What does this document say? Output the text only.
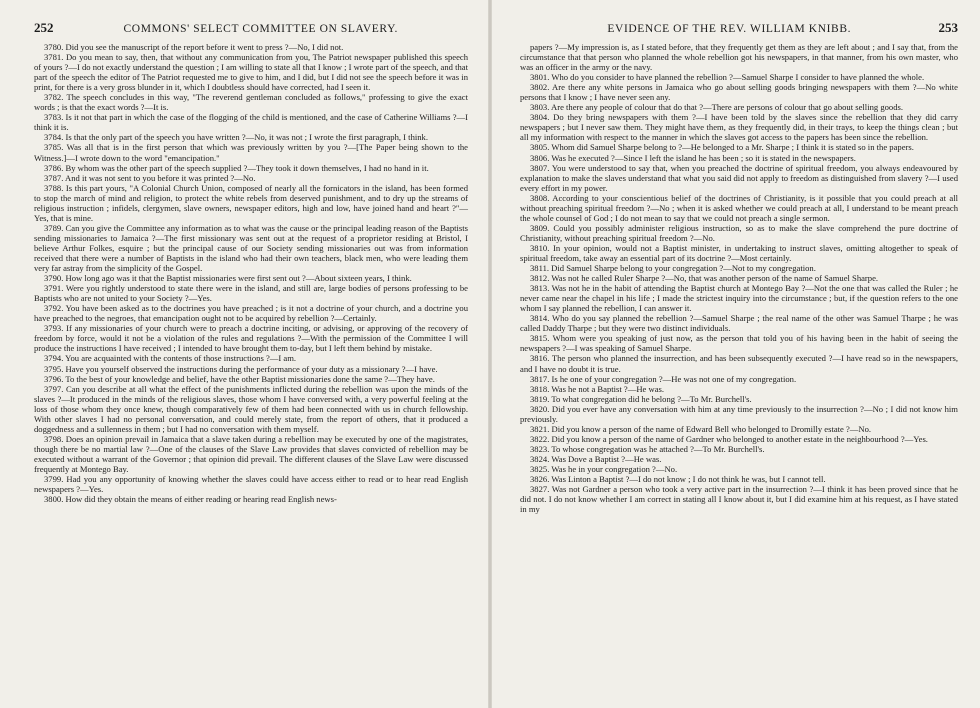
252	COMMONS' SELECT COMMITTEE ON SLAVERY.

3780. Did you see the manuscript of the report before it went to press ?—No, I did not.

3781. Do you mean to say, then, that without any communication from you, The Patriot newspaper published this speech of yours ?—I do not exactly understand the question ; I am willing to state all that I know ; I wrote part of the speech, and that part of the speech the editor of The Patriot requested me to give to him, and I did, but I did not see the speech before it was in print, for there is a very gross blunder in it, which I doubtless should have corrected, had I seen it.

3782. The speech concludes in this way, "The reverend gentleman concluded as follows," professing to give the exact words ; is that the exact words ?—It is.

3783. Is it not that part in which the case of the flogging of the child is mentioned, and the case of Catherine Williams ?—I think it is.

3784. Is that the only part of the speech you have written ?—No, it was not ; I wrote the first paragraph, I think.

3785. Was all that is in the first person that which was previously written by you ?—[The Paper being shown to the Witness.]—I wrote down to the word "emancipation."

3786. By whom was the other part of the speech supplied ?—They took it down themselves, I had no hand in it.

3787. And it was not sent to you before it was printed ?—No.

3788. Is this part yours, "A Colonial Church Union, composed of nearly all the fornicators in the island, has been formed to stop the march of mind and religion, to protect the white rebels from deserved punishment, and to dry up the streams of religious instruction ; infidels, clergymen, slave owners, newspaper editors, high and low, have joined hand and heart ?"—Yes, that is mine.

3789. Can you give the Committee any information as to what was the cause or the principal leading reason of the Baptists sending missionaries to Jamaica ?—The first missionary was sent out at the request of a proprietor residing at Bristol, I believe Arthur Folkes, esquire ; but the principal cause of our Society sending missionaries out was from information received that there were a number of Baptists in the island who had their own teachers, black men, who were leading them very far astray from the simplicity of the Gospel.

3790. How long ago was it that the Baptist missionaries were first sent out ?—About sixteen years, I think.

3791. Were you rightly understood to state there were in the island, and still are, large bodies of persons professing to be Baptists who are not united to your Society ?—Yes.

3792. You have been asked as to the doctrines you have preached ; is it not a doctrine of your church, and a doctrine you have preached to the negroes, that emancipation ought not to be acquired by rebellion ?—Certainly.

3793. If any missionaries of your church were to preach a doctrine inciting, or advising, or approving of the recovery of freedom by force, would it not be a violation of the rules and regulations ?—With the permission of the Committee I will produce the instructions I have received ; I intended to have brought them to-day, but I left them behind by mistake.

3794. You are acquainted with the contents of those instructions ?—I am.

3795. Have you yourself observed the instructions during the performance of your duty as a missionary ?—I have.

3796. To the best of your knowledge and belief, have the other Baptist missionaries done the same ?—They have.

3797. Can you describe at all what the effect of the punishments inflicted during the rebellion was upon the minds of the slaves ?—It produced in the minds of the religious slaves, those whom I have conversed with, a very powerful feeling at the loss of those whom they once knew, though comparatively few of them had been connected with us in church fellowship. With other slaves I had no personal conversation, and could merely state, from the report of others, that it produced a doggedness and a sullenness in them ; but I had no conversation with them myself.

3798. Does an opinion prevail in Jamaica that a slave taken during a rebellion may be executed by one of the magistrates, though there be no martial law ?—One of the clauses of the Slave Law provides that slaves convicted of rebellion may be executed without a warrant of the Governor ; that opinion did prevail. The different clauses of the Slave Law were discussed frequently at Montego Bay.

3799. Had you any opportunity of knowing whether the slaves could have access either to read or to hear read English newspapers ?—Yes.

3800. How did they obtain the means of either reading or hearing read English news-

EVIDENCE OF THE REV. WILLIAM KNIBB.	253

papers ?—My impression is, as I stated before, that they frequently get them as they are left about ; and I say that, from the circumstance that that person who planned the whole rebellion got his newspapers, in that manner, from his own master, who was an officer in the army or the navy.

3801. Who do you consider to have planned the rebellion ?—Samuel Sharpe I consider to have planned the whole.

3802. Are there any white persons in Jamaica who go about selling goods bringing newspapers with them ?—No white persons that I know ; I have never seen any.

3803. Are there any people of colour that do that ?—There are persons of colour that go about selling goods.

3804. Do they bring newspapers with them ?—I have been told by the slaves since the rebellion that they did carry newspapers ; but I never saw them. They might have them, as they frequently did, in their trays, to keep the things clean ; but all my information with respect to the manner in which the slaves got access to the papers has been since the rebellion.

3805. Whom did Samuel Sharpe belong to ?—He belonged to a Mr. Sharpe ; I think it is stated so in the papers.

3806. Was he executed ?—Since I left the island he has been ; so it is stated in the newspapers.

3807. You were understood to say that, when you preached the doctrine of spiritual freedom, you always endeavoured by explanation to make the slaves understand that what you said did not apply to freedom as distinguished from slavery ?—I used every effort in my power.

3808. According to your conscientious belief of the doctrines of Christianity, is it possible that you could preach at all without preaching spiritual freedom ?—No ; when it is asked whether we could preach at all, I understand to be meant preach the whole counsel of God ; I do not mean to say that we could not preach a single sermon.

3809. Could you possibly administer religious instruction, so as to make the slave comprehend the pure doctrine of Christianity, without preaching spiritual freedom ?—No.

3810. In your opinion, would not a Baptist minister, in undertaking to instruct slaves, omitting altogether to speak of spiritual freedom, take away an essential part of its doctrine ?—Most certainly.

3811. Did Samuel Sharpe belong to your congregation ?—Not to my congregation.

3812. Was not he called Ruler Sharpe ?—No, that was another person of the name of Samuel Sharpe.

3813. Was not he in the habit of attending the Baptist church at Montego Bay ?—Not the one that was called the Ruler ; he never came near the chapel in his life ; I made the strictest inquiry into the circumstance ; but, if the question refers to the one whom I say planned the rebellion, I can answer it.

3814. Who do you say planned the rebellion ?—Samuel Sharpe ; the real name of the other was Samuel Tharpe ; he was called Daddy Tharpe ; but they were two distinct individuals.

3815. Whom were you speaking of just now, as the person that told you of his having been in the habit of seeing the newspapers ?—I was speaking of Samuel Sharpe.

3816. The person who planned the insurrection, and has been subsequently executed ?—I have read so in the newspapers, and I have no doubt it is true.

3817. Is he one of your congregation ?—He was not one of my congregation.

3818. Was he not a Baptist ?—He was.

3819. To what congregation did he belong ?—To Mr. Burchell's.

3820. Did you ever have any conversation with him at any time previously to the insurrection ?—No ; I did not know him previously.

3821. Did you know a person of the name of Edward Bell who belonged to Dromilly estate ?—No.

3822. Did you know a person of the name of Gardner who belonged to another estate in the neighbourhood ?—Yes.

3823. To whose congregation was he attached ?—To Mr. Burchell's.

3824. Was Dove a Baptist ?—He was.

3825. Was he in your congregation ?—No.

3826. Was Linton a Baptist ?—I do not know ; I do not think he was, but I cannot tell.

3827. Was not Gardner a person who took a very active part in the insurrection ?—I think it has been proved since that he did not. I do not know whether I am correct in stating all I know about it, but I did examine him at his request, as I have stated in my
